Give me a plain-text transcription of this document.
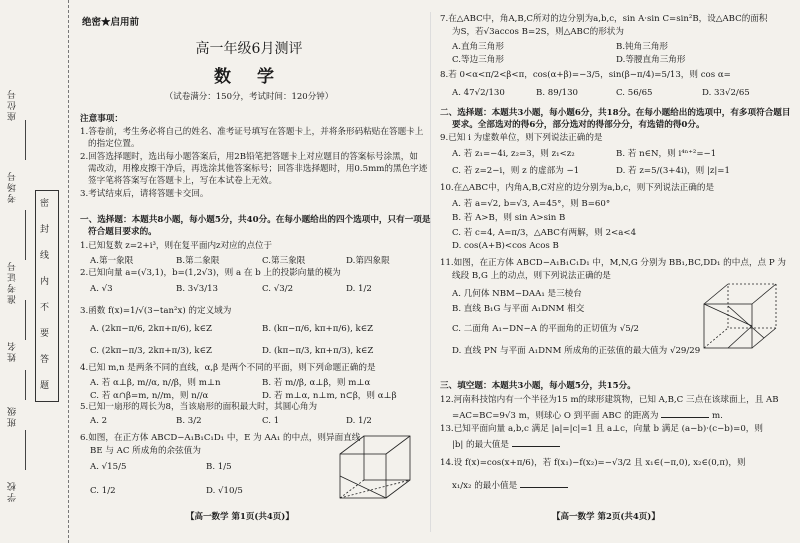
座位号
考场号
准考证号
姓名
班级
学校
密
封
线
内
不
要
答
题
绝密★启用前
高一年级6月测评
数 学
（试卷满分：150分，考试时间：120分钟）
注意事项：
1.答卷前，考生务必将自己的姓名、准考证号填写在答题卡上，并将条形码粘贴在答题卡上
的指定位置。
2.回答选择题时，选出每小题答案后，用2B铅笔把答题卡上对应题目的答案标号涂黑，如
需改动，用橡皮擦干净后，再选涂其他答案标号；回答非选择题时，用0.5mm的黑色字迹
签字笔将答案写在答题卡上，写在本试卷上无效。
3.考试结束后，请将答题卡交回。
一、选择题：本题共8小题，每小题5分，共40分。在每小题给出的四个选项中，只有一项是
符合题目要求的。
1.已知复数 z=2+i³，则在复平面内z对应的点位于
A.第一象限	B.第二象限	C.第三象限	D.第四象限
2.已知向量 a=(√3,1)，b=(1,2√3)，则 a 在 b 上的投影向量的模为
A. √3	B. 3√3/13	C. √3/2	D. 1/2
3.函数 f(x)=1/√(3−tan²x) 的定义域为
A. (2kπ−π/6, 2kπ+π/6), k∈Z	B. (kπ−π/6, kπ+π/6), k∈Z
C. (2kπ−π/3, 2kπ+π/3), k∈Z	D. (kπ−π/3, kπ+π/3), k∈Z
4.已知 m,n 是两条不同的直线，α,β 是两个不同的平面，则下列命题正确的是
A. 若 α⊥β, m//α, n//β，则 m⊥n	B. 若 m//β, α⊥β，则 m⊥α
C. 若 α∩β=m, n//m，则 n//α	D. 若 m⊥α, n⊥m, n⊂β，则 α⊥β
5.已知一扇形的周长为8，当该扇形的面积最大时，其圆心角为
A. 2	B. 3/2	C. 1	D. 1/2
6.如图，在正方体 ABCD−A₁B₁C₁D₁ 中，E 为 AA₁ 的中点，则异面直线
BE 与 AC 所成角的余弦值为
A. √15/5	B. 1/5
C. 1/2	D. √10/5
【高一数学 第1页(共4页)】
7.在△ABC中，角A,B,C所对的边分别为a,b,c，sin A·sin C=sin²B，设△ABC的面积
为S，若√3accos B=2S，则△ABC的形状为
A.直角三角形	B.钝角三角形
C.等边三角形	D.等腰直角三角形
8.若 0<α<π/2<β<π，cos(α+β)=−3/5，sin(β−π/4)=5/13，则 cos α=
A. 47√2/130	B. 89/130	C. 56/65	D. 33√2/65
二、选择题：本题共3小题，每小题6分，共18分。在每小题给出的选项中，有多项符合题目
要求。全部选对的得6分，部分选对的得部分分，有选错的得0分。
9.已知 i 为虚数单位，则下列说法正确的是
A. 若 z₁=−4i, z₂=3，则 z₁<z₂	B. 若 n∈N，则 i⁴ⁿ⁺²=−1
C. 若 z=2−i，则 z 的虚部为 −1	D. 若 z=5/(3+4i)，则 |z|=1
10.在△ABC中，内角A,B,C对应的边分别为a,b,c，则下列说法正确的是
A. 若 a=√2, b=√3, A=45°，则 B=60°
B. 若 A>B，则 sin A>sin B
C. 若 c=4, A=π/3，△ABC有两解，则 2<a<4
D. cos(A+B)<cos Acos B
11.如图，在正方体 ABCD−A₁B₁C₁D₁ 中，M,N,G 分别为 BB₁,BC,DD₁ 的中点，点 P 为
线段 B,G 上的动点，则下列说法正确的是
A. 几何体 NBM−DAA₁ 是三棱台
B. 直线 B₁G 与平面 A₁DNM 相交
C. 二面角 A₁−DN−A 的平面角的正切值为 √5/2
D. 直线 PN 与平面 A₁DNM 所成角的正弦值的最大值为 √29/29
三、填空题：本题共3小题，每小题5分，共15分。
12.河南科技馆内有一个半径为15 m的球形建筑物，已知 A,B,C 三点在该球面上，且 AB
=AC=BC=9√3 m，则球心 O 到平面 ABC 的距离为	m.
13.已知平面向量 a,b,c 满足 |a|=|c|=1 且 a⊥c，向量 b 满足 (a−b)·(c−b)=0，则
|b| 的最大值是
14.设 f(x)=cos(x+π/6)，若 f(x₁)−f(x₂)=−√3/2 且 x₁∈(−π,0), x₂∈(0,π)，则
x₁/x₂ 的最小值是
【高一数学 第2页(共4页)】
